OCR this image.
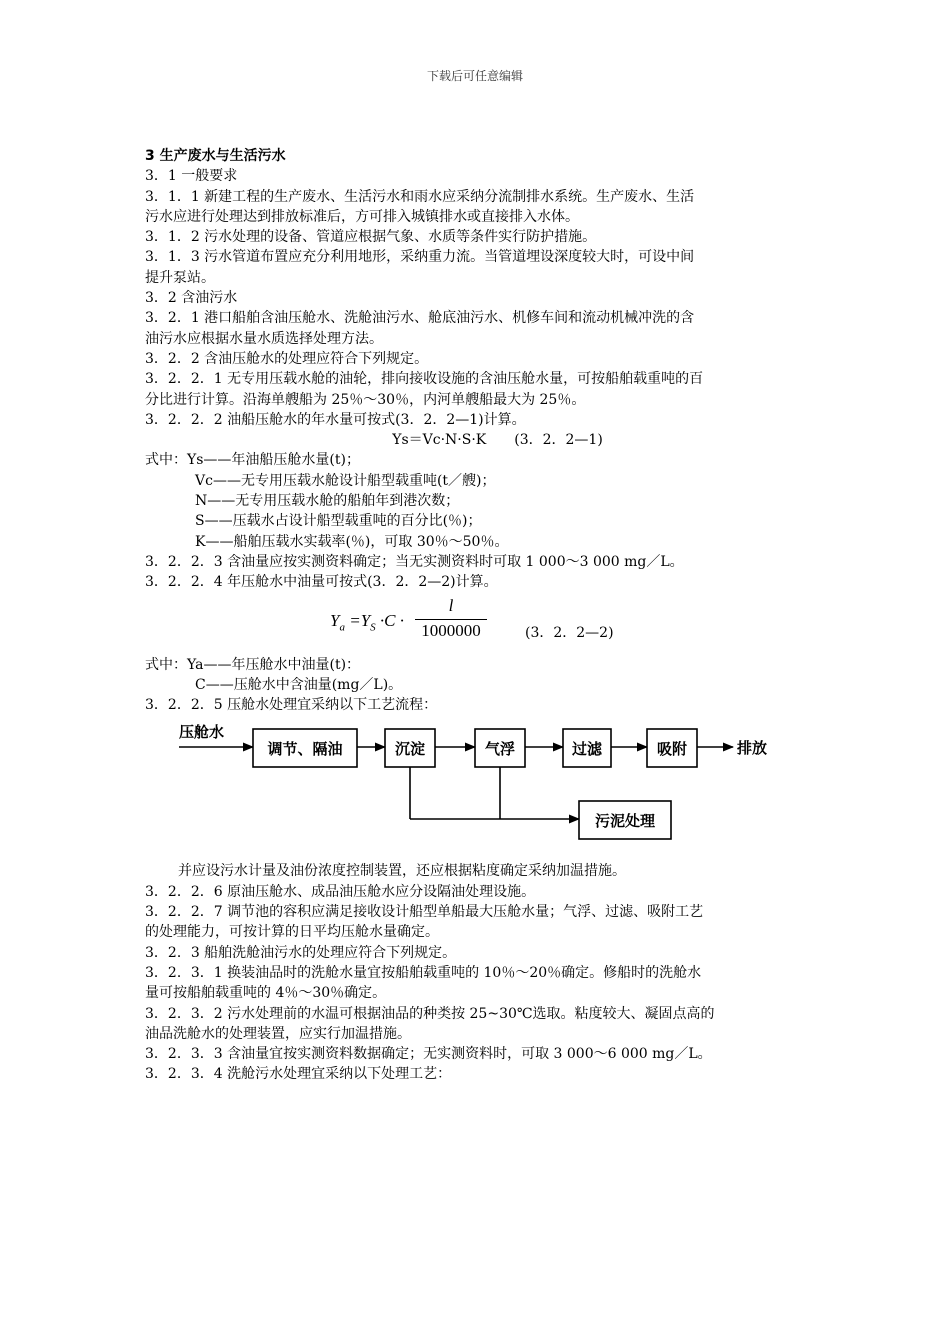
下载后可任意编辑

3 生产废水与生活污水

3．1 一般要求

3．1．1 新建工程的生产废水、生活污水和雨水应采纳分流制排水系统。生产废水、生活

污水应进行处理达到排放标准后，方可排入城镇排水或直接排入水体。

3．1．2 污水处理的设备、管道应根据气象、水质等条件实行防护措施。

3．1．3 污水管道布置应充分利用地形，采纳重力流。当管道埋设深度较大时，可设中间

提升泵站。

3．2 含油污水

3．2．1 港口船舶含油压舱水、洗舱油污水、舱底油污水、机修车间和流动机械冲洗的含

油污水应根据水量水质选择处理方法。

3．2．2 含油压舱水的处理应符合下列规定。

3．2．2．1 无专用压载水舱的油轮，排向接收设施的含油压舱水量，可按船舶载重吨的百

分比进行计算。沿海单艘船为 25％～30％，内河单艘船最大为 25％。

3．2．2．2 油船压舱水的年水量可按式(3．2．2—1)计算。

Ys＝Vc·N·S·K　　(3．2．2—1)

式中：Ys——年油船压舱水量(t)；

Vc——无专用压载水舱设计船型载重吨(t／艘)；

N——无专用压载水舱的船舶年到港次数；

S——压载水占设计船型载重吨的百分比(％)；

K——船舶压载水实载率(％)，可取 30％～50％。

3．2．2．3 含油量应按实测资料确定；当无实测资料时可取 1 000～3 000 mg／L。

3．2．2．4 年压舱水中油量可按式(3．2．2—2)计算。

$Y_a =Y_S \cdot C$ ·
l
1000000	(3．2．2—2)

式中：Ya——年压舱水中油量(t)：

C——压舱水中含油量(mg／L)。

3．2．2．5 压舱水处理宜采纳以下工艺流程：

压舱水
调节、隔油	沉淀	气浮	过滤	吸附	排放
污泥处理

并应设污水计量及油份浓度控制装置，还应根据粘度确定采纳加温措施。

3．2．2．6 原油压舱水、成品油压舱水应分设隔油处理设施。

3．2．2．7 调节池的容积应满足接收设计船型单船最大压舱水量；气浮、过滤、吸附工艺

的处理能力，可按计算的日平均压舱水量确定。

3．2．3 船舶洗舱油污水的处理应符合下列规定。

3．2．3．1 换装油品时的洗舱水量宜按船舶载重吨的 10％～20％确定。修船时的洗舱水

量可按船舶载重吨的 4％～30％确定。

3．2．3．2 污水处理前的水温可根据油品的种类按 25~30℃选取。粘度较大、凝固点高的

油品洗舱水的处理装置，应实行加温措施。

3．2．3．3 含油量宜按实测资料数据确定；无实测资料时，可取 3 000～6 000 mg／L。

3．2．3．4 洗舱污水处理宜采纳以下处理工艺：
